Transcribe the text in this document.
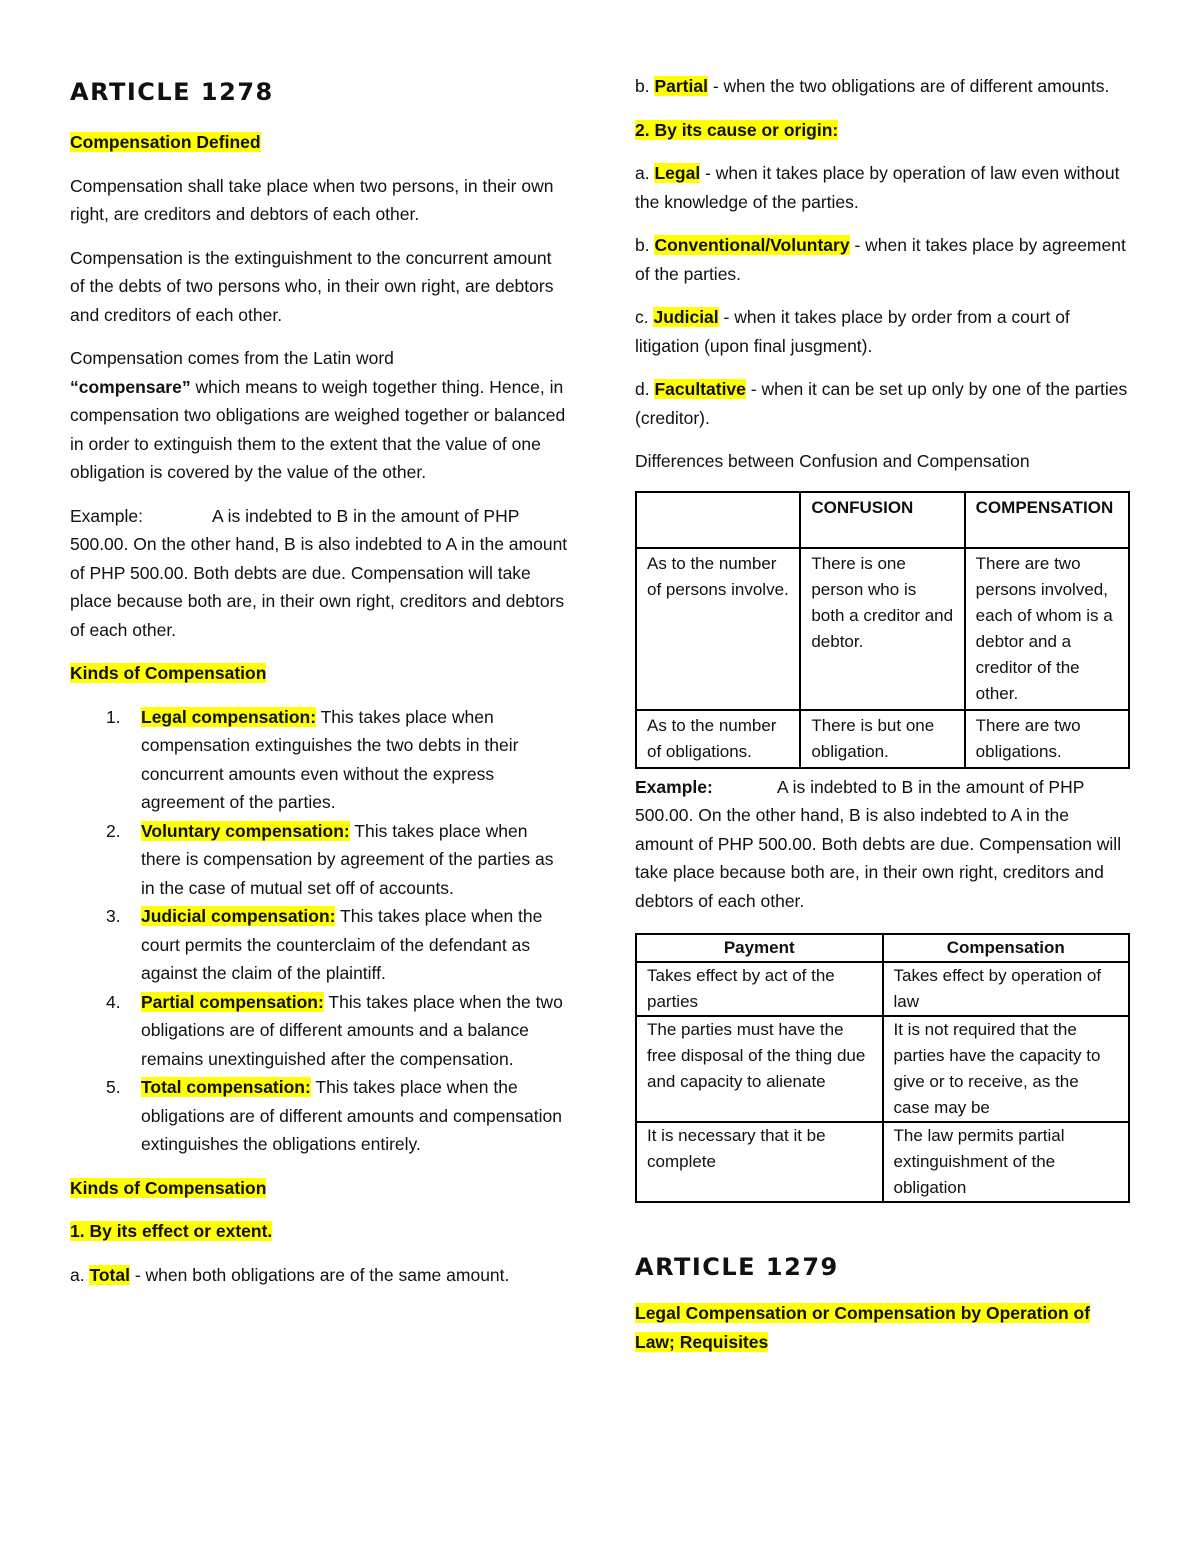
ARTICLE 1278

Compensation Defined

Compensation shall take place when two persons, in their own right, are creditors and debtors of each other.

Compensation is the extinguishment to the concurrent amount of the debts of two persons who, in their own right, are debtors and creditors of each other.

Compensation comes from the Latin word
“compensare” which means to weigh together thing. Hence, in compensation two obligations are weighed together or balanced in order to extinguish them to the extent that the value of one obligation is covered by the value of the other.

Example:	A is indebted to B in the amount of PHP
500.00. On the other hand, B is also indebted to A in the amount of PHP 500.00. Both debts are due. Compensation will take place because both are, in their own right, creditors and debtors of each other.

Kinds of Compensation

1.	Legal compensation: This takes place when compensation extinguishes the two debts in their concurrent amounts even without the express agreement of the parties.
2.	Voluntary compensation: This takes place when there is compensation by agreement of the parties as in the case of mutual set off of accounts.
3.	Judicial compensation: This takes place when the court permits the counterclaim of the defendant as against the claim of the plaintiff.
4.	Partial compensation: This takes place when the two obligations are of different amounts and a balance remains unextinguished after the compensation.
5.	Total compensation: This takes place when the obligations are of different amounts and compensation extinguishes the obligations entirely.

Kinds of Compensation

1. By its effect or extent.

a. Total - when both obligations are of the same amount.

b. Partial - when the two obligations are of different amounts.

2. By its cause or origin:

a. Legal - when it takes place by operation of law even without the knowledge of the parties.

b. Conventional/Voluntary - when it takes place by agreement of the parties.

c. Judicial - when it takes place by order from a court of litigation (upon final jusgment).

d. Facultative - when it can be set up only by one of the parties (creditor).

Differences between Confusion and Compensation

	CONFUSION	COMPENSATION
As to the number of persons involve.	There is one person who is both a creditor and debtor.	There are two persons involved, each of whom is a debtor and a creditor of the other.
As to the number of obligations.	There is but one obligation.	There are two obligations.
Example:	A is indebted to B in the amount of PHP
500.00. On the other hand, B is also indebted to A in the amount of PHP 500.00. Both debts are due. Compensation will take place because both are, in their own right, creditors and debtors of each other.
Payment	Compensation
Takes effect by act of the parties	Takes effect by operation of law
The parties must have the free disposal of the thing due and capacity to alienate	It is not required that the parties have the capacity to give or to receive, as the case may be
It is necessary that it be complete	The law permits partial extinguishment of the obligation
ARTICLE 1279

Legal Compensation or Compensation by Operation of Law; Requisites
